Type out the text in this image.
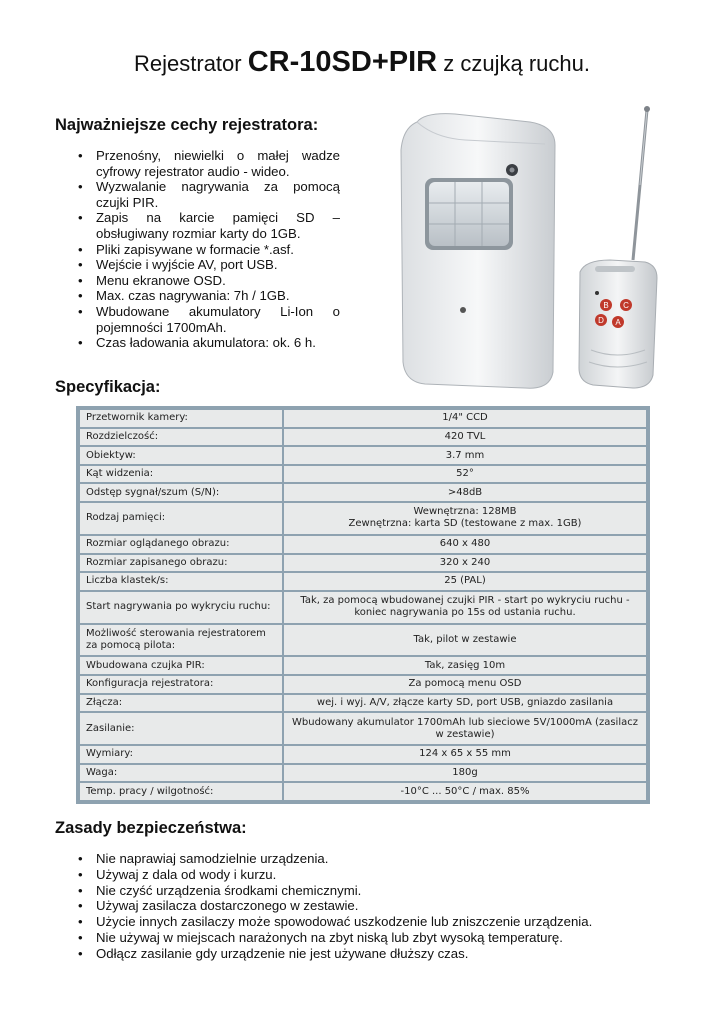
Rejestrator CR-10SD+PIR z czujką ruchu.
Najważniejsze cechy rejestratora:
• Przenośny, niewielki o małej wadze cyfrowy rejestrator audio - wideo.
• Wyzwalanie nagrywania za pomocą czujki PIR.
• Zapis na karcie pamięci SD – obsługiwany rozmiar karty do 1GB.
• Pliki zapisywane w formacie *.asf.
• Wejście i wyjście AV, port USB.
• Menu ekranowe OSD.
• Max. czas nagrywania: 7h / 1GB.
• Wbudowane akumulatory Li-Ion o pojemności 1700mAh.
• Czas ładowania akumulatora: ok. 6 h.
B C
D A
Specyfikacja:
Przetwornik kamery:	1/4" CCD
Rozdzielczość:	420 TVL
Obiektyw:	3.7 mm
Kąt widzenia:	52°
Odstęp sygnał/szum (S/N):	>48dB
Rodzaj pamięci:	Wewnętrzna: 128MB
Zewnętrzna: karta SD (testowane z max. 1GB)
Rozmiar oglądanego obrazu:	640 x 480
Rozmiar zapisanego obrazu:	320 x 240
Liczba klastek/s:	25 (PAL)
Start nagrywania po wykryciu ruchu:	Tak, za pomocą wbudowanej czujki PIR - start po wykryciu ruchu - koniec nagrywania po 15s od ustania ruchu.
Możliwość sterowania rejestratorem za pomocą pilota:	Tak, pilot w zestawie
Wbudowana czujka PIR:	Tak, zasięg 10m
Konfiguracja rejestratora:	Za pomocą menu OSD
Złącza:	wej. i wyj. A/V, złącze karty SD, port USB, gniazdo zasilania
Zasilanie:	Wbudowany akumulator 1700mAh lub sieciowe 5V/1000mA (zasilacz w zestawie)
Wymiary:	124 x 65 x 55 mm
Waga:	180g
Temp. pracy / wilgotność:	-10°C ... 50°C / max. 85%
Zasady bezpieczeństwa:
• Nie naprawiaj samodzielnie urządzenia.
• Używaj z dala od wody i kurzu.
• Nie czyść urządzenia środkami chemicznymi.
• Używaj zasilacza dostarczonego w zestawie.
• Użycie innych zasilaczy może spowodować uszkodzenie lub zniszczenie urządzenia.
• Nie używaj w miejscach narażonych na zbyt niską lub zbyt wysoką temperaturę.
• Odłącz zasilanie gdy urządzenie nie jest używane dłuższy czas.
